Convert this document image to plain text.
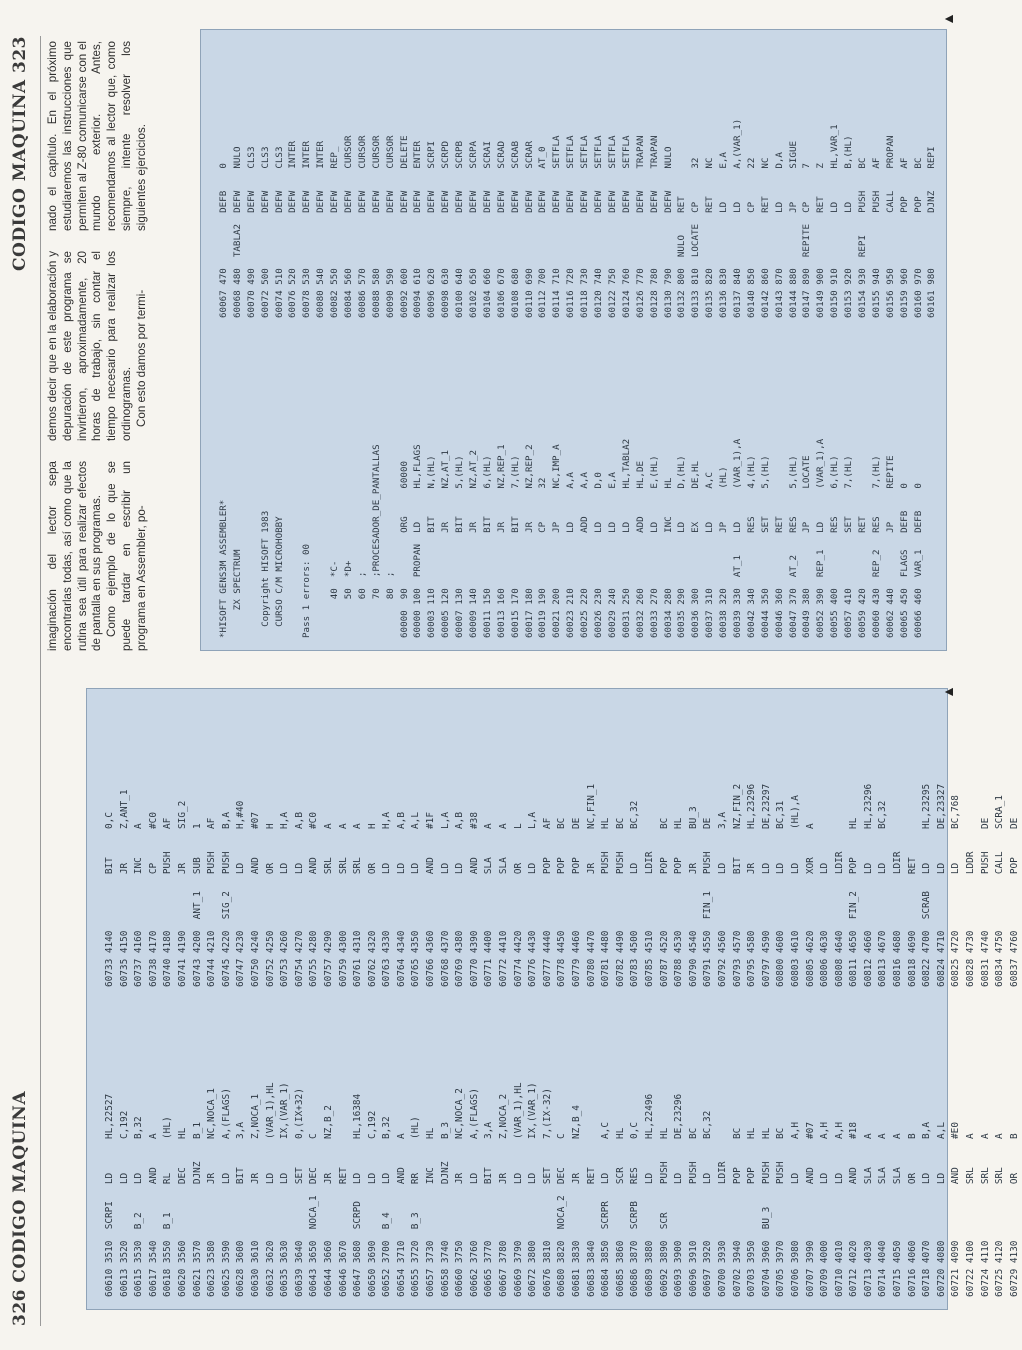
326 CODIGO MAQUINA	60610 3510  SCRPI   LD      HL,22527 60613 3520          LD      C,192 60615 3530  B_2     LD      B,32 60617 3540          AND     A 60618 3550  B_1     RL      (HL) 60620 3560          DEC     HL 60621 3570          DJNZ    B_1 60623 3580          JR      NC,NOCA_1 60625 3590          LD      A,(FLAGS) 60628 3600          BIT     3,A 60630 3610          JR      Z,NOCA_1 60632 3620          LD      (VAR_1),HL 60635 3630          LD      IX,(VAR_1) 60639 3640          SET     0,(IX+32) 60643 3650  NOCA_1  DEC     C 60644 3660          JR      NZ,B_2 60646 3670          RET 60647 3680  SCRPD   LD      HL,16384 60650 3690          LD      C,192 60652 3700  B_4     LD      B,32 60654 3710          AND     A 60655 3720  B_3     RR      (HL) 60657 3730          INC     HL 60658 3740          DJNZ    B_3 60660 3750          JR      NC,NOCA_2 60662 3760          LD      A,(FLAGS) 60665 3770          BIT     3,A 60667 3780          JR      Z,NOCA_2 60669 3790          LD      (VAR_1),HL 60672 3800          LD      IX,(VAR_1) 60676 3810          SET     7,(IX-32) 60680 3820  NOCA_2  DEC     C 60681 3830          JR      NZ,B_4 60683 3840          RET 60684 3850  SCRPR   LD      A,C 60685 3860          SCR     HL 60686 3870  SCRPB   RES     0,C 60689 3880          LD      HL,22496 60692 3890  SCR     PUSH    HL 60693 3900          LD      DE,23296 60696 3910          PUSH    BC 60697 3920          LD      BC,32 60700 3930          LDIR 60702 3940          POP     BC 60703 3950          POP     HL 60704 3960  BU_3    PUSH    HL 60705 3970          PUSH    BC 60706 3980          LD      A,H 60707 3990          AND     #07 60709 4000          LD      A,H 60710 4010          LD      A,H 60712 4020          AND     #18 60713 4030          SLA     A 60714 4040          SLA     A 60715 4050          SLA     A 60716 4060          OR      B 60718 4070          LD      B,A 60720 4080          LD      A,L 60721 4090          AND     #E0 60722 4100          SRL     A 60724 4110          SRL     A 60725 4120          SRL     A 60729 4130          OR      B
60733 4140          BIT     0,C 60735 4150          JR      Z,ANT_1 60737 4160          INC     A 60738 4170          CP      #C0 60740 4180          PUSH    AF 60741 4190          JR      SIG_2 60743 4200  ANT_1   SUB     1 60744 4210          PUSH    AF 60745 4220  SIG_2   PUSH    B,A 60747 4230          LD      H,#40 60750 4240          AND     #07 60752 4250          OR      H 60753 4260          LD      H,A 60754 4270          LD      A,B 60755 4280          AND     #C0 60757 4290          SRL     A 60759 4300          SRL     A 60761 4310          SRL     A 60762 4320          OR      H 60763 4330          LD      H,A 60764 4340          LD      A,B 60765 4350          LD      A,L 60766 4360          AND     #1F 60768 4370          LD      L,A 60769 4380          LD      A,B 60770 4390          AND     #38 60771 4400          SLA     A 60772 4410          SLA     A 60774 4420          OR      L 60776 4430          LD      L,A 60777 4440          POP     AF 60778 4450          POP     BC 60779 4460          POP     DE 60780 4470          JR      NC,FIN_1 60781 4480          PUSH    HL 60782 4490          PUSH    BC 60783 4500          LD      BC,32 60785 4510          LDIR 60787 4520          POP     BC 60788 4530          POP     HL 60790 4540          JR      BU_3 60791 4550  FIN_1   PUSH    DE 60792 4560          LD      3,A 60793 4570          BIT     NZ,FIN_2 60795 4580          JR      HL,23296 60797 4590          LD      DE,23297 60800 4600          LD      BC,31 60803 4610          LD      (HL),A 60805 4620          XOR     A 60806 4630          LD 60808 4640          LDIR 60811 4650  FIN_2   POP     HL 60812 4660          LD      HL,23296 60813 4670          LD      BC,32 60816 4680          LDIR 60818 4690          RET 60822 4700  SCRAB   LD      HL,23295 60824 4710          LD      DE,23327 60825 4720          LD      BC,768 60828 4730          LDDR 60831 4740          PUSH    DE 60834 4750          CALL    SCRA_1 60837 4760          POP     DE
▲
CODIGO MAQUINA 323
imaginación del lector sepa encontrarlas todas, así como que la rutina sea útil para realizar efectos de pantalla en sus programas. Como ejemplo de lo que se puede tardar en escribir un programa en Assembler, po-
demos decir que en la elaboración y depuración de este programa se invirtieron, aproximadamente, 20 horas de trabajo, sin contar el tiempo necesario para realizar los ordinogramas. Con esto damos por termi-
nado el capítulo. En el próximo estudiaremos las instrucciones que permiten al Z-80 comunicarse con el mundo exterior. Antes, recomendamos al lector que, como siempre, intente resolver los siguientes ejercicios.
*HISOFT GENS3M ASSEMBLER* ZX SPECTRUM Copyright HISOFT 1983 CURSO C/M MICROHOBBY Pass 1 errors: 00 40  *C- 50  *D+ 60  ; 70  ;PROCESADOR_DE_PANTALLAS 80  ; 60000  90          ORG     60000 60000 100  PROPAN  LD      HL,FLAGS 60003 110          BIT     N,(HL) 60005 120          JR      NZ,AT_1 60007 130          BIT     5,(HL) 60009 140          JR      NZ,AT_2 60011 150          BIT     6,(HL) 60013 160          JR      NZ,REP_1 60015 170          BIT     7,(HL) 60017 180          JR      NZ,REP_2 60019 190          CP      32 60021 200          JP      NC,IMP_A 60023 210          LD      A,A 60025 220          ADD     A,A 60026 230          LD      D,0 60029 240          LD      E,A 60031 250          LD      HL,TABLA2 60032 260          ADD     HL,DE 60033 270          LD      E,(HL) 60034 280          INC     HL 60035 290          LD      D,(HL) 60036 300          EX      DE,HL 60037 310          LD      A,C 60038 320          JP      (HL) 60039 330  AT_1    LD      (VAR_1),A 60042 340          RES     4,(HL) 60044 350          SET     5,(HL) 60046 360          RET 60047 370  AT_2    RES     5,(HL) 60049 380          JP      LOCATE 60052 390  REP_1   LD      (VAR_1),A 60055 400          RES     6,(HL) 60057 410          SET     7,(HL) 60059 420          RET 60060 430  REP_2   RES     7,(HL) 60062 440          JP      REPITE 60065 450  FLAGS   DEFB    0 60066 460  VAR_1   DEFB    0
60067 470          DEFB    0 60068 480  TABLA2  DEFW    NULO 60070 490          DEFW    CLS3 60072 500          DEFW    CLS3 60074 510          DEFW    CLS3 60076 520          DEFW    INTER 60078 530          DEFW    INTER 60080 540          DEFW    INTER 60082 550          DEFW    REP_ 60084 560          DEFW    CURSOR 60086 570          DEFW    CURSOR 60088 580          DEFW    CURSOR 60090 590          DEFW    CURSOR 60092 600          DEFW    DELETE 60094 610          DEFW    ENTER 60096 620          DEFW    SCRPI 60098 630          DEFW    SCRPD 60100 640          DEFW    SCRPB 60102 650          DEFW    SCRPA 60104 660          DEFW    SCRAI 60106 670          DEFW    SCRAD 60108 680          DEFW    SCRAB 60110 690          DEFW    SCRAR 60112 700          DEFW    AT_0 60114 710          DEFW    SETFLA 60116 720          DEFW    SETFLA 60118 730          DEFW    SETFLA 60120 740          DEFW    SETFLA 60122 750          DEFW    SETFLA 60124 760          DEFW    SETFLA 60126 770          DEFW    TRAPAN 60128 780          DEFW    TRAPAN 60130 790          DEFW    NULO 60132 800  NULO    RET 60133 810  LOCATE  CP      32 60135 820          RET     NC 60136 830          LD      E,A 60137 840          LD      A,(VAR_1) 60140 850          CP      22 60142 860          RET     NC 60143 870          LD      D,A 60144 880          JP      SIGUE 60147 890  REPITE  CP      7 60149 900          RET     Z 60150 910          LD      HL,VAR_1 60153 920          LD      B,(HL) 60154 930  REPI    PUSH    BC 60155 940          PUSH    AF 60156 950          CALL    PROPAN 60159 960          POP     AF 60160 970          POP     BC 60161 980          DJNZ    REPI
▲
